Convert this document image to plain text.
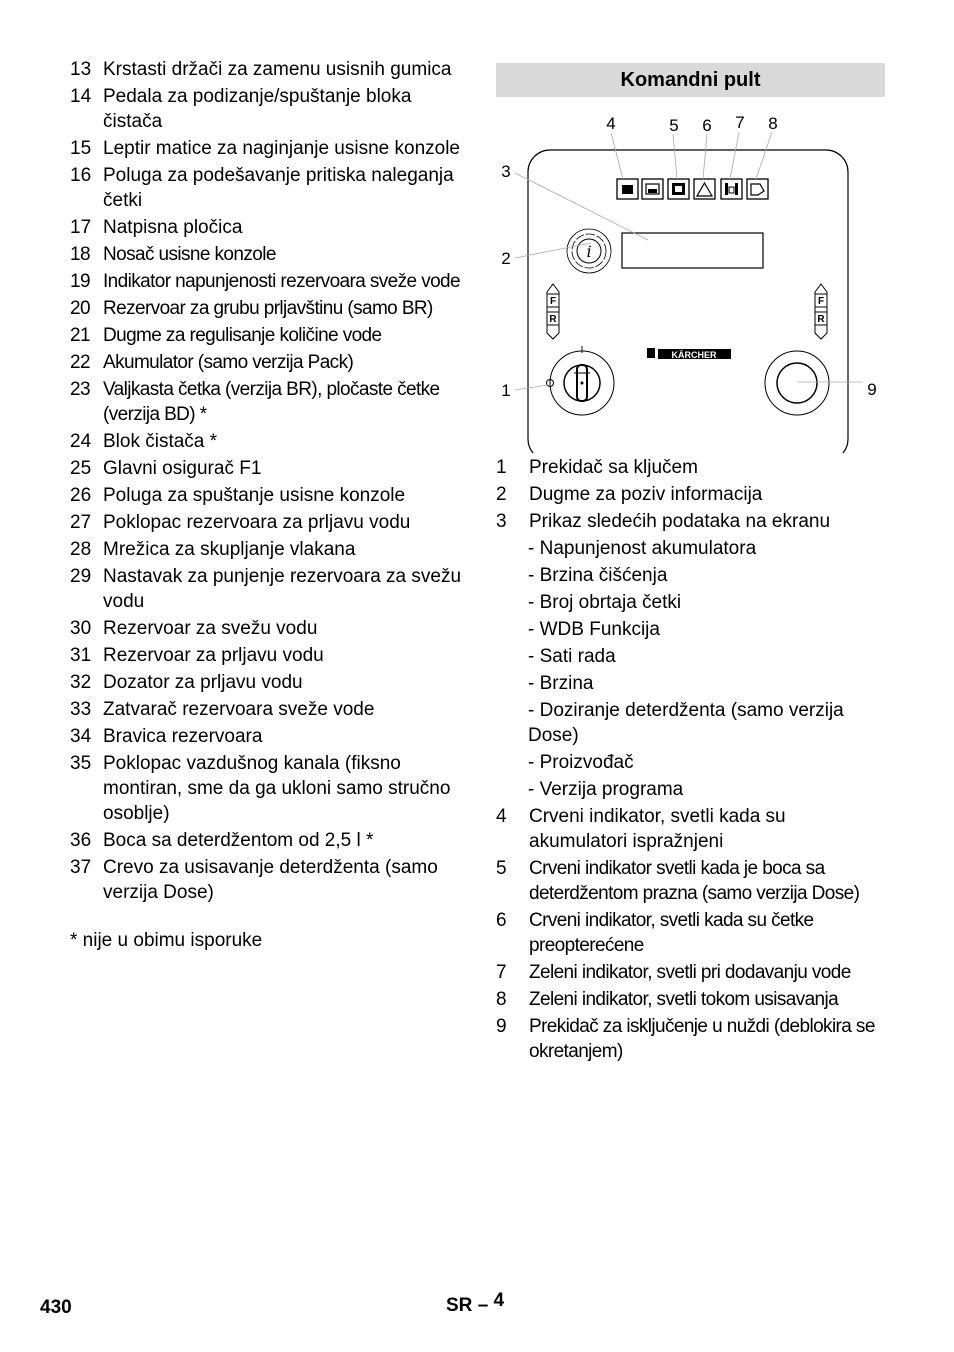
13 Krstasti držači za zamenu usisnih gumica
14 Pedala za podizanje/spuštanje bloka čistača
15 Leptir matice za naginjanje usisne konzole
16 Poluga za podešavanje pritiska naleganja četki
17 Natpisna pločica
18 Nosač usisne konzole
19 Indikator napunjenosti rezervoara sveže vode
20 Rezervoar za grubu prljavštinu (samo BR)
21 Dugme za regulisanje količine vode
22 Akumulator (samo verzija Pack)
23 Valjkasta četka (verzija BR), pločaste četke (verzija BD) *
24 Blok čistača *
25 Glavni osigurač F1
26 Poluga za spuštanje usisne konzole
27 Poklopac rezervoara za prljavu vodu
28 Mrežica za skupljanje vlakana
29 Nastavak za punjenje rezervoara za svežu vodu
30 Rezervoar za svežu vodu
31 Rezervoar za prljavu vodu
32 Dozator za prljavu vodu
33 Zatvarač rezervoara sveže vode
34 Bravica rezervoara
35 Poklopac vazdušnog kanala (fiksno montiran, sme da ga ukloni samo stručno osoblje)
36 Boca sa deterdžentom od 2,5 l *
37 Crevo za usisavanje deterdženta (samo verzija Dose)
* nije u obimu isporuke
Komandni pult
i
F
R
F
R
I	KÄRCHER
4	5 6 7 8
3
2
1	9
1	Prekidač sa ključem
2	Dugme za poziv informacija
3	Prikaz sledećih podataka na ekranu
- Napunjenost akumulatora
- Brzina čišćenja
- Broj obrtaja četki
- WDB Funkcija
- Sati rada
- Brzina
- Doziranje deterdženta (samo verzija Dose)
- Proizvođač
- Verzija programa
4	Crveni indikator, svetli kada su akumulatori ispražnjeni
5	Crveni indikator svetli kada je boca sa deterdžentom prazna (samo verzija Dose)
6	Crveni indikator, svetli kada su četke preopterećene
7	Zeleni indikator, svetli pri dodavanju vode
8	Zeleni indikator, svetli tokom usisavanja
9	Prekidač za isključenje u nuždi (deblokira se okretanjem)
430	SR – 4
